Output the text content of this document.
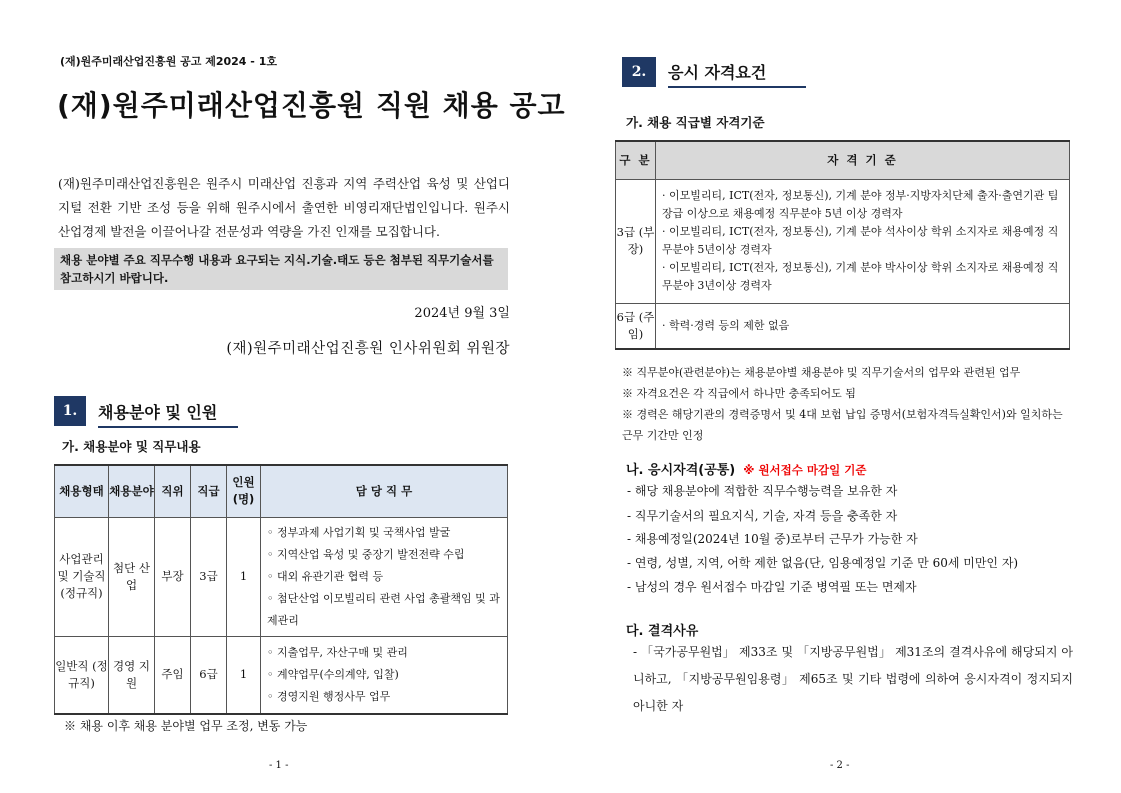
(재)원주미래산업진흥원 공고 제2024 - 1호
(재)원주미래산업진흥원 직원 채용 공고

(재)원주미래산업진흥원은 원주시 미래산업 진흥과 지역 주력산업 육성 및 산업디지털 전환 기반 조성 등을 위해 원주시에서 출연한 비영리재단법인입니다. 원주시 산업경제 발전을 이끌어나갈 전문성과 역량을 가진 인재를 모집합니다.

채용 분야별 주요 직무수행 내용과 요구되는 지식.기술.태도 등은 첨부된 직무기술서를 참고하시기 바랍니다.
2024년 9월 3일
(재)원주미래산업진흥원 인사위원회 위원장
1.	채용분야 및 인원
가. 채용분야 및 직무내용
채용형태	채용분야	직위	직급	인원(명)	담 당 직 무
사업관리 및 기술직 (정규직)	첨단 산업	부장	3급	1	◦ 정부과제 사업기획 및 국책사업 발굴
◦ 지역산업 육성 및 중장기 발전전략 수립
◦ 대외 유관기관 협력 등
◦ 첨단산업 이모빌리티 관련 사업 총괄책임 및 과제관리

일반직 (정규직)	경영 지원	주임	6급	1	◦ 지출업무, 자산구매 및 관리
◦ 계약업무(수의계약, 입찰)
◦ 경영지원 행정사무 업무
※ 채용 이후 채용 분야별 업무 조정, 변동 가능
- 1 -
2.	응시 자격요건
가. 채용 직급별 자격기준
구 분	자 격 기 준
3급 (부장)	· 이모빌리티, ICT(전자, 정보통신), 기계 분야 정부·지방자치단체 출자·출연기관 팀장급 이상으로 채용예정 직무분야 5년 이상 경력자
· 이모빌리티, ICT(전자, 정보통신), 기계 분야 석사이상 학위 소지자로 채용예정 직무분야 5년이상 경력자
· 이모빌리티, ICT(전자, 정보통신), 기계 분야 박사이상 학위 소지자로 채용예정 직무분야 3년이상 경력자

6급 (주임)	· 학력·경력 등의 제한 없음
※ 직무분야(관련분야)는 채용분야별 채용분야 및 직무기술서의 업무와 관련된 업무
※ 자격요건은 각 직급에서 하나만 충족되어도 됨
※ 경력은 해당기관의 경력증명서 및 4대 보험 납입 증명서(보험자격득실확인서)와 일치하는 근무 기간만 인정
나. 응시자격(공통) ※ 원서접수 마감일 기준
- 해당 채용분야에 적합한 직무수행능력을 보유한 자
- 직무기술서의 필요지식, 기술, 자격 등을 충족한 자
- 채용예정일(2024년 10월 중)로부터 근무가 가능한 자
- 연령, 성별, 지역, 어학 제한 없음(단, 임용예정일 기준 만 60세 미만인 자)
- 남성의 경우 원서접수 마감일 기준 병역필 또는 면제자
다. 결격사유
- 「국가공무원법」 제33조 및 「지방공무원법」 제31조의 결격사유에 해당되지 아니하고, 「지방공무원임용령」 제65조 및 기타 법령에 의하여 응시자격이 정지되지 아니한 자
- 2 -
